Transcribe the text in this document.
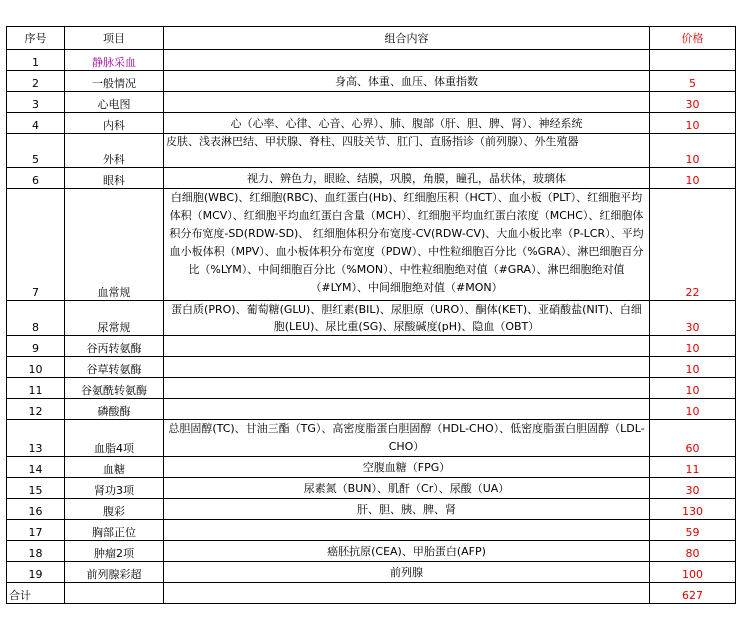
序号	项目	组合内容	价格
1	静脉采血		
2	一般情况	身高、体重、血压、体重指数	5
3	心电图		30
4	内科	心（心率、心律、心音、心界）、肺、腹部（肝、胆、脾、肾）、神经系统	10
5	外科	皮肤、浅表淋巴结、甲状腺、脊柱、四肢关节、肛门、直肠指诊（前列腺）、外生殖器	10
6	眼科	视力、辨色力，眼睑、结膜，巩膜，角膜，瞳孔，晶状体，玻璃体	10
7	血常规	白细胞(WBC)、红细胞(RBC)、血红蛋白(Hb)、红细胞压积（HCT）、血小板（PLT）、红细胞平均体积（MCV）、红细胞平均血红蛋白含量（MCH）、红细胞平均血红蛋白浓度（MCHC）、红细胞体积分布宽度-SD(RDW-SD)、 红细胞体积分布宽度-CV(RDW-CV)、大血小板比率（P-LCR）、平均血小板体积（MPV）、血小板体积分布宽度（PDW）、中性粒细胞百分比（%GRA）、淋巴细胞百分比（%LYM）、中间细胞百分比（%MON）、中性粒细胞绝对值（#GRA）、淋巴细胞绝对值（#LYM）、中间细胞绝对值（#MON）	22
8	尿常规	蛋白质(PRO)、葡萄糖(GLU)、胆红素(BIL)、尿胆原（URO）、酮体(KET)、亚硝酸盐(NIT)、白细胞(LEU)、尿比重(SG)、尿酸碱度(pH)、隐血（OBT）	30
9	谷丙转氨酶		10
10	谷草转氨酶		10
11	谷氨酰转氨酶		10
12	磷酸酶		10
13	血脂4项	总胆固醇(TC)、甘油三酯（TG）、高密度脂蛋白胆固醇（HDL-CHO）、低密度脂蛋白胆固醇（LDL-CHO）	60
14	血糖	空腹血糖（FPG）	11
15	肾功3项	尿素氮（BUN）、肌酐（Cr）、尿酸（UA）	30
16	腹彩	肝、胆、胰、脾、肾	130
17	胸部正位		59
18	肿瘤2项	癌胚抗原(CEA)、甲胎蛋白(AFP)	80
19	前列腺彩超	前列腺	100
合计			627
